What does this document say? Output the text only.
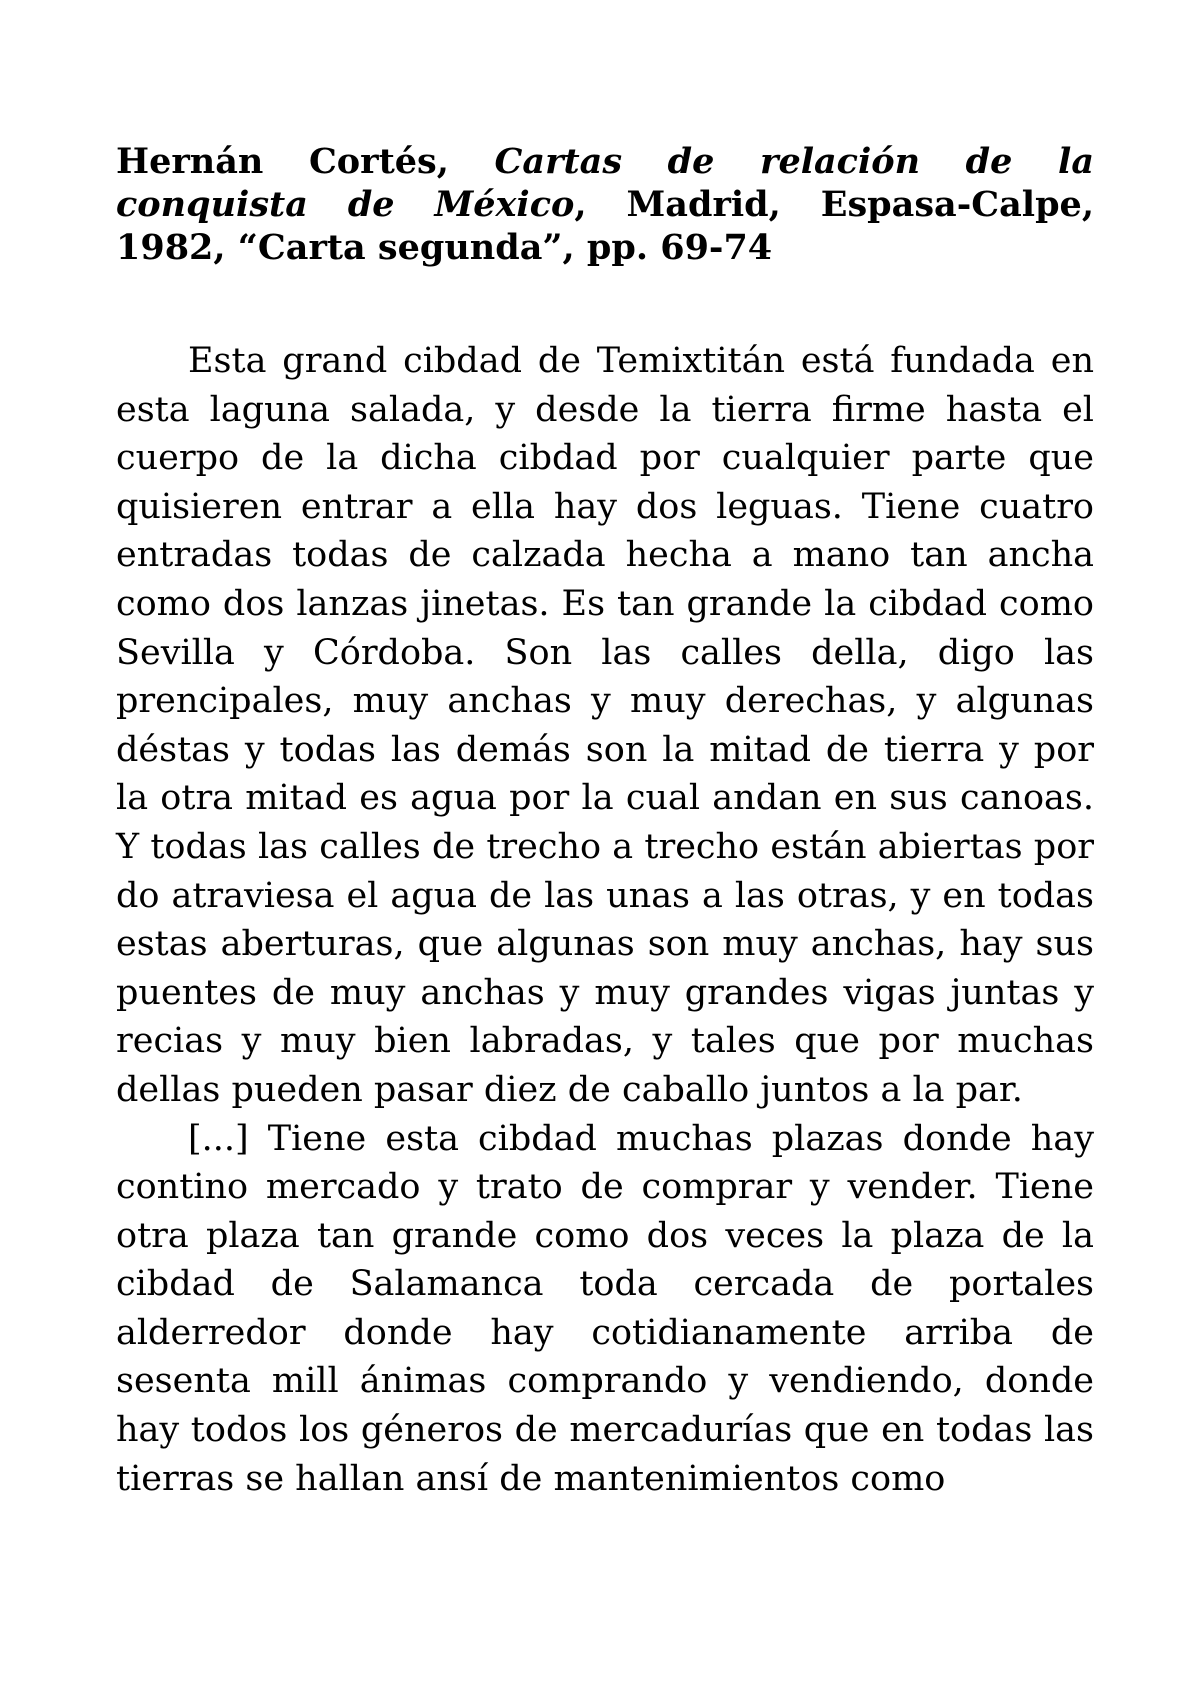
Hernán Cortés, Cartas de relación de la conquista de México, Madrid, Espasa-Calpe, 1982, “Carta segunda”, pp. 69-74

Esta grand cibdad de Temixtitán está fundada en esta laguna salada, y desde la tierra firme hasta el cuerpo de la dicha cibdad por cualquier parte que quisieren entrar a ella hay dos leguas. Tiene cuatro entradas todas de calzada hecha a mano tan ancha como dos lanzas jinetas. Es tan grande la cibdad como Sevilla y Córdoba. Son las calles della, digo las prencipales, muy anchas y muy derechas, y algunas déstas y todas las demás son la mitad de tierra y por la otra mitad es agua por la cual andan en sus canoas. Y todas las calles de trecho a trecho están abiertas por do atraviesa el agua de las unas a las otras, y en todas estas aberturas, que algunas son muy anchas, hay sus puentes de muy anchas y muy grandes vigas juntas y recias y muy bien labradas, y tales que por muchas dellas pueden pasar diez de caballo juntos a la par.

[...] Tiene esta cibdad muchas plazas donde hay contino mercado y trato de comprar y vender. Tiene otra plaza tan grande como dos veces la plaza de la cibdad de Salamanca toda cercada de portales alderredor donde hay cotidianamente arriba de sesenta mill ánimas comprando y vendiendo, donde hay todos los géneros de mercadurías que en todas las tierras se hallan ansí de mantenimientos como
